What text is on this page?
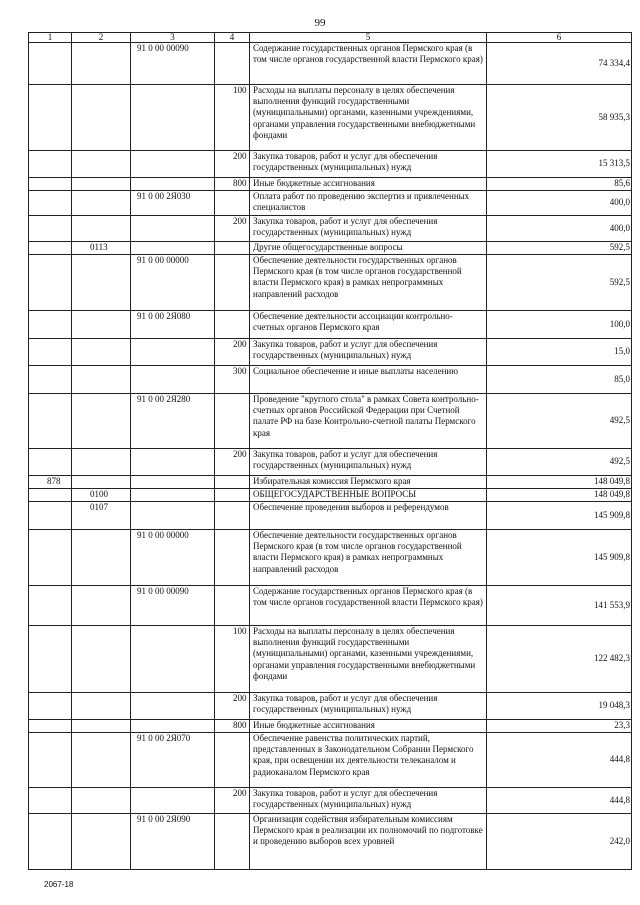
99
1	2	3	4	5	6
		91 0 00 00090		Содержание государственных органов Пермского края (в том числе органов государственной власти Пермского края)	74 334,4
			100	Расходы на выплаты персоналу в целях обеспечения выполнения функций государственными (муниципальными) органами, казенными учреждениями, органами управления государственными внебюджетными фондами	58 935,3
			200	Закупка товаров, работ и услуг для обеспечения государственных (муниципальных) нужд	15 313,5
			800	Иные бюджетные ассигнования	85,6
		91 0 00 2Я030		Оплата работ по проведению экспертиз и привлеченных специалистов	400,0
			200	Закупка товаров, работ и услуг для обеспечения государственных (муниципальных) нужд	400,0
	0113			Другие общегосударственные вопросы	592,5
		91 0 00 00000		Обеспечение деятельности государственных органов Пермского края (в том числе органов государственной власти Пермского края) в рамках непрограммных направлений расходов	592,5
		91 0 00 2Я080		Обеспечение деятельности ассоциации контрольно-счетных органов Пермского края	100,0
			200	Закупка товаров, работ и услуг для обеспечения государственных (муниципальных) нужд	15,0
			300	Социальное обеспечение и иные выплаты населению	85,0
		91 0 00 2Я280		Проведение "круглого стола" в рамках Совета контрольно-счетных органов Российской Федерации при Счетной палате РФ на базе Контрольно-счетной палаты Пермского края	492,5
			200	Закупка товаров, работ и услуг для обеспечения государственных (муниципальных) нужд	492,5
878				Избирательная комиссия Пермского края	148 049,8
	0100			ОБЩЕГОСУДАРСТВЕННЫЕ ВОПРОСЫ	148 049,8
	0107			Обеспечение проведения выборов и референдумов	145 909,8
		91 0 00 00000		Обеспечение деятельности государственных органов Пермского края (в том числе органов государственной власти Пермского края) в рамках непрограммных направлений расходов	145 909,8
		91 0 00 00090		Содержание государственных органов Пермского края (в том числе органов государственной власти Пермского края)	141 553,9
			100	Расходы на выплаты персоналу в целях обеспечения выполнения функций государственными (муниципальными) органами, казенными учреждениями, органами управления государственными внебюджетными фондами	122 482,3
			200	Закупка товаров, работ и услуг для обеспечения государственных (муниципальных) нужд	19 048,3
			800	Иные бюджетные ассигнования	23,3
		91 0 00 2Я070		Обеспечение равенства политических партий, представленных в Законодательном Собрании Пермского края, при освещении их деятельности телеканалом и радиоканалом Пермского края	444,8
			200	Закупка товаров, работ и услуг для обеспечения государственных (муниципальных) нужд	444,8
		91 0 00 2Я090		Организация содействия избирательным комиссиям Пермского края в реализации их полномочий по подготовке и проведению выборов всех уровней	242,0
2067-18
